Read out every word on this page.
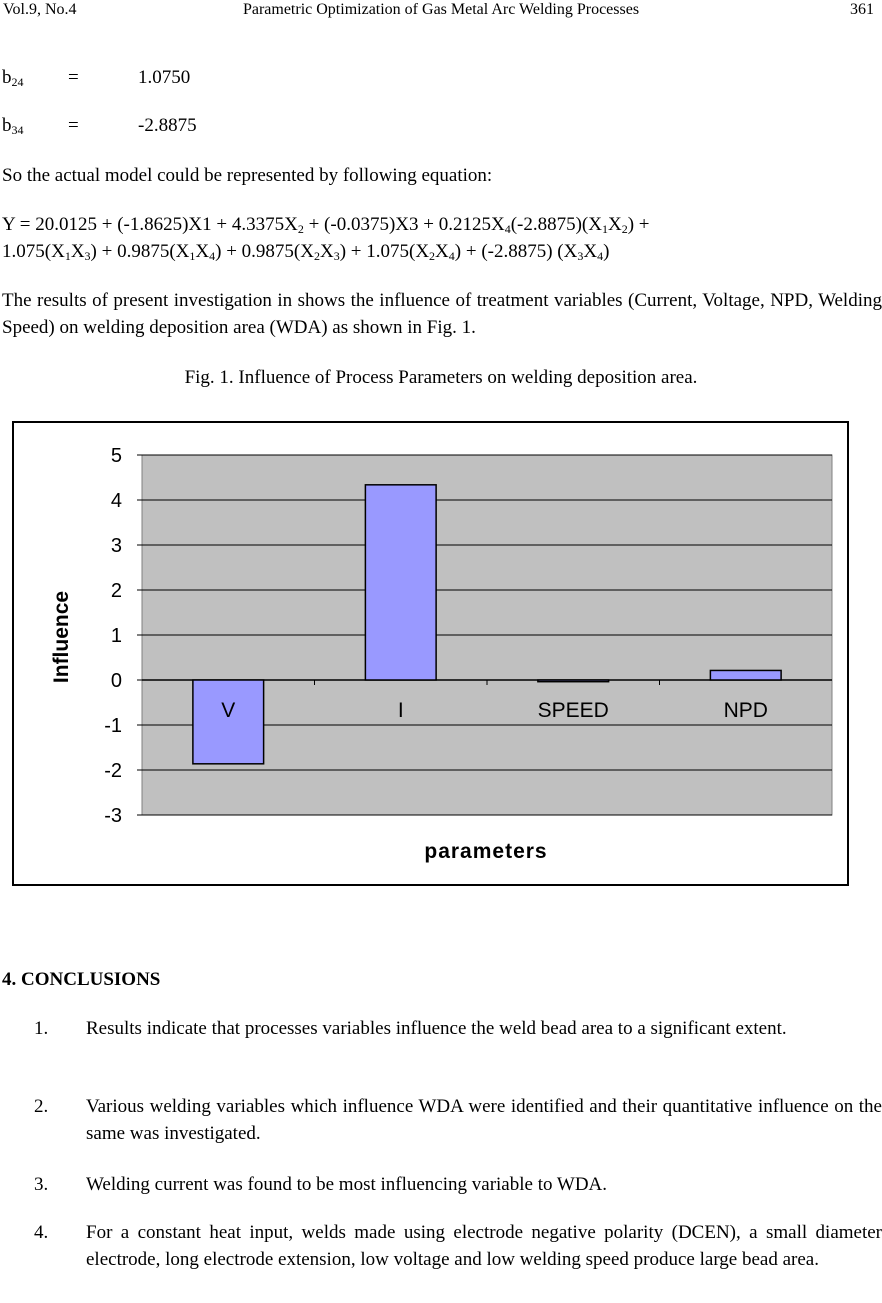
Vol.9, No.4	Parametric Optimization of Gas Metal Arc Welding Processes	361
$b_{24}$	=	1.0750
$b_{34}$	=	-2.8875
So the actual model could be represented by following equation:
$Y = 20.0125 + (-1.8625)X1 + 4.3375X_2 + (-0.0375)X3 + 0.2125X_4(-2.8875)(X_1X_2)$ +
$1.075(X_1X_3) + 0.9875(X_1X_4) + 0.9875(X_2X_3) + 1.075(X_2X_4) + (-2.8875)$ $(X_3X_4)$
The results of present investigation in shows the influence of treatment variables (Current, Voltage, NPD, Welding Speed) on welding deposition area (WDA) as shown in Fig. 1.
Fig. 1. Influence of Process Parameters on welding deposition area.
5
4
3
2
1
0
-1
-2
-3
V	I	SPEED	NPD
parameters
Influence
4. CONCLUSIONS
1. Results indicate that processes variables influence the weld bead area to a significant extent.
2. Various welding variables which influence WDA were identified and their quantitative influence on the same was investigated.
3. Welding current was found to be most influencing variable to WDA.
4. For a constant heat input, welds made using electrode negative polarity (DCEN), a small diameter electrode, long electrode extension, low voltage and low welding speed produce large bead area.
